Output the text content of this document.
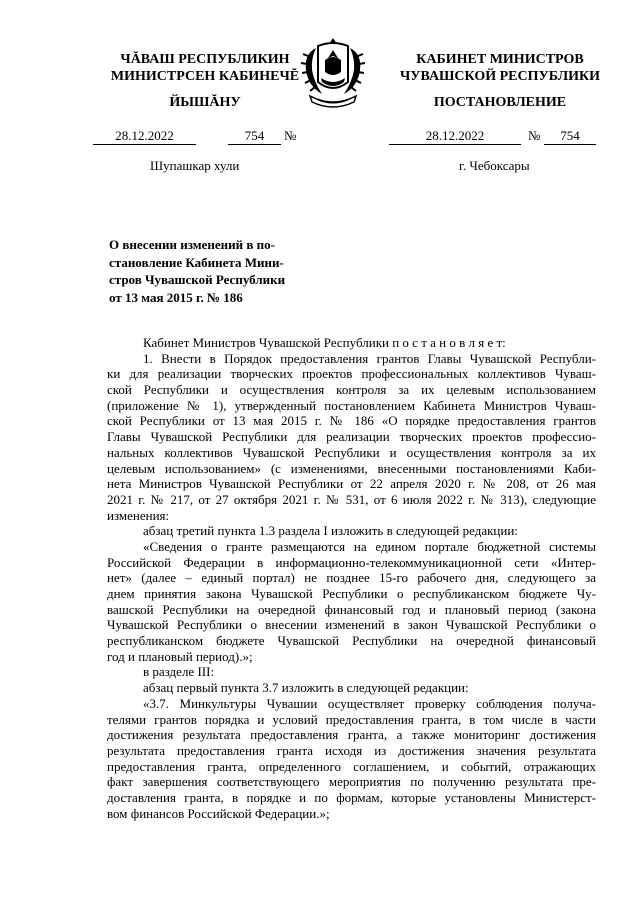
ЧĂВАШ РЕСПУБЛИКИН
МИНИСТРСЕН КАБИНЕЧĔ
КАБИНЕТ МИНИСТРОВ
ЧУВАШСКОЙ РЕСПУБЛИКИ
ЙЫШĂНУ	ПОСТАНОВЛЕНИЕ
28.12.2022	754	№	28.12.2022	№	754
Шупашкар хули	г. Чебоксары
О внесении изменений в по-
становление Кабинета Мини-
стров Чувашской Республики
от 13 мая 2015 г. № 186
Кабинет Министров Чувашской Республики п о с т а н о в л я е т:
1. Внести в Порядок предоставления грантов Главы Чувашской Республи-
ки для реализации творческих проектов профессиональных коллективов Чуваш-
ской Республики и осуществления контроля за их целевым использованием
(приложение № 1), утвержденный постановлением Кабинета Министров Чуваш-
ской Республики от 13 мая 2015 г. № 186 «О порядке предоставления грантов
Главы Чувашской Республики для реализации творческих проектов профессио-
нальных коллективов Чувашской Республики и осуществления контроля за их
целевым использованием» (с изменениями, внесенными постановлениями Каби-
нета Министров Чувашской Республики от 22 апреля 2020 г. № 208, от 26 мая
2021 г. № 217, от 27 октября 2021 г. № 531, от 6 июля 2022 г. № 313), следующие
изменения:
абзац третий пункта 1.3 раздела I изложить в следующей редакции:
«Сведения о гранте размещаются на едином портале бюджетной системы
Российской Федерации в информационно-телекоммуникационной сети «Интер-
нет» (далее – единый портал) не позднее 15-го рабочего дня, следующего за
днем принятия закона Чувашской Республики о республиканском бюджете Чу-
вашской Республики на очередной финансовый год и плановый период (закона
Чувашской Республики о внесении изменений в закон Чувашской Республики о
республиканском бюджете Чувашской Республики на очередной финансовый
год и плановый период).»;
в разделе III:
абзац первый пункта 3.7 изложить в следующей редакции:
«3.7. Минкультуры Чувашии осуществляет проверку соблюдения получа-
телями грантов порядка и условий предоставления гранта, в том числе в части
достижения результата предоставления гранта, а также мониторинг достижения
результата предоставления гранта исходя из достижения значения результата
предоставления гранта, определенного соглашением, и событий, отражающих
факт завершения соответствующего мероприятия по получению результата пре-
доставления гранта, в порядке и по формам, которые установлены Министерст-
вом финансов Российской Федерации.»;
